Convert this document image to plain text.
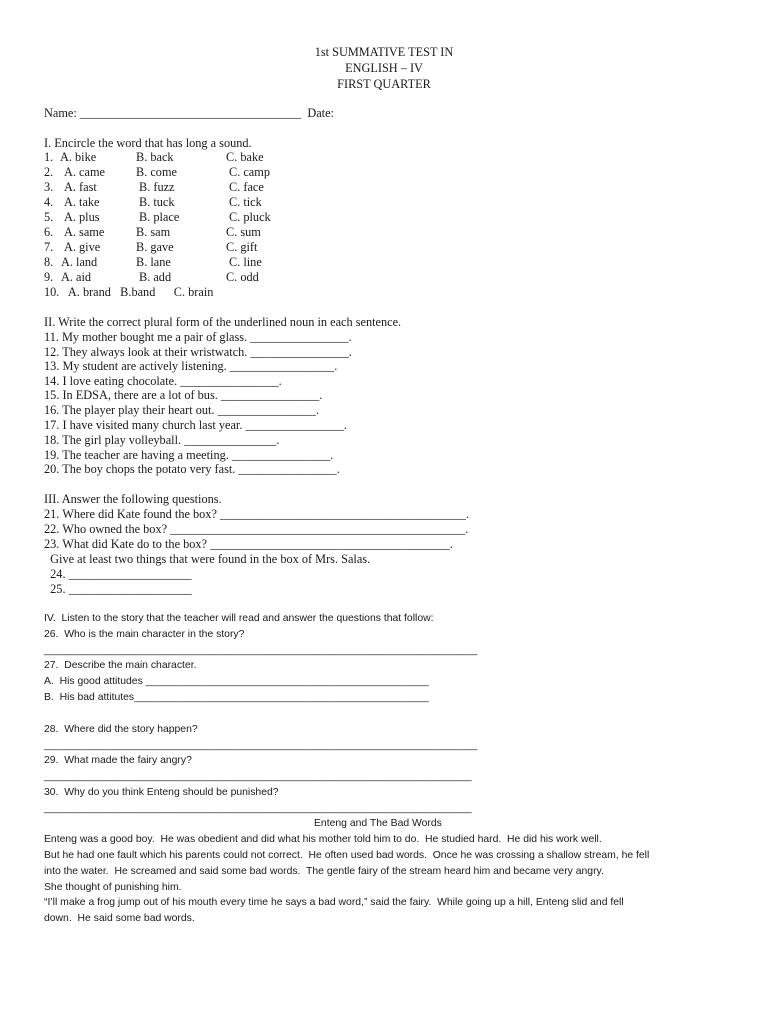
1st SUMMATIVE TEST IN
ENGLISH – IV
FIRST QUARTER
Name: ____________________________________  Date:
I. Encircle the word that has long a sound.
1. A. bike	B. back	C. bake
2. A. came	B. come	C. camp
3. A. fast	B. fuzz	C. face
4. A. take	B. tuck	C. tick
5. A. plus	B. place	C. pluck
6. A. same	B. sam	C. sum
7. A. give	B. gave	C. gift
8. A. land	B. lane	C. line
9. A. aid	B. add	C. odd
10.   A. brand   B.band      C. brain
II. Write the correct plural form of the underlined noun in each sentence.
11. My mother bought me a pair of glass. ________________.
12. They always look at their wristwatch. ________________.
13. My student are actively listening. _________________.
14. I love eating chocolate. ________________.
15. In EDSA, there are a lot of bus. ________________.
16. The player play their heart out. ________________.
17. I have visited many church last year. ________________.
18. The girl play volleyball. _______________.
19. The teacher are having a meeting. ________________.
20. The boy chops the potato very fast. ________________.
III. Answer the following questions.
21. Where did Kate found the box? ________________________________________.
22. Who owned the box? ________________________________________________.
23. What did Kate do to the box? _______________________________________.
Give at least two things that were found in the box of Mrs. Salas.
24. ____________________
25. ____________________
IV.  Listen to the story that the teacher will read and answer the questions that follow:
26.  Who is the main character in the story?
___________________________________________________________________________
27.  Describe the main character.
A.  His good attitudes _________________________________________________
B.  His bad attitutes___________________________________________________
28.  Where did the story happen?
___________________________________________________________________________
29.  What made the fairy angry?
__________________________________________________________________________
30.  Why do you think Enteng should be punished?
__________________________________________________________________________
Enteng and The Bad Words
Enteng was a good boy.  He was obedient and did what his mother told him to do.  He studied hard.  He did his work well.
But he had one fault which his parents could not correct.  He often used bad words.  Once he was crossing a shallow stream, he fell
into the water.  He screamed and said some bad words.  The gentle fairy of the stream heard him and became very angry.
She thought of punishing him.
“I’ll make a frog jump out of his mouth every time he says a bad word,” said the fairy.  While going up a hill, Enteng slid and fell
down.  He said some bad words.
